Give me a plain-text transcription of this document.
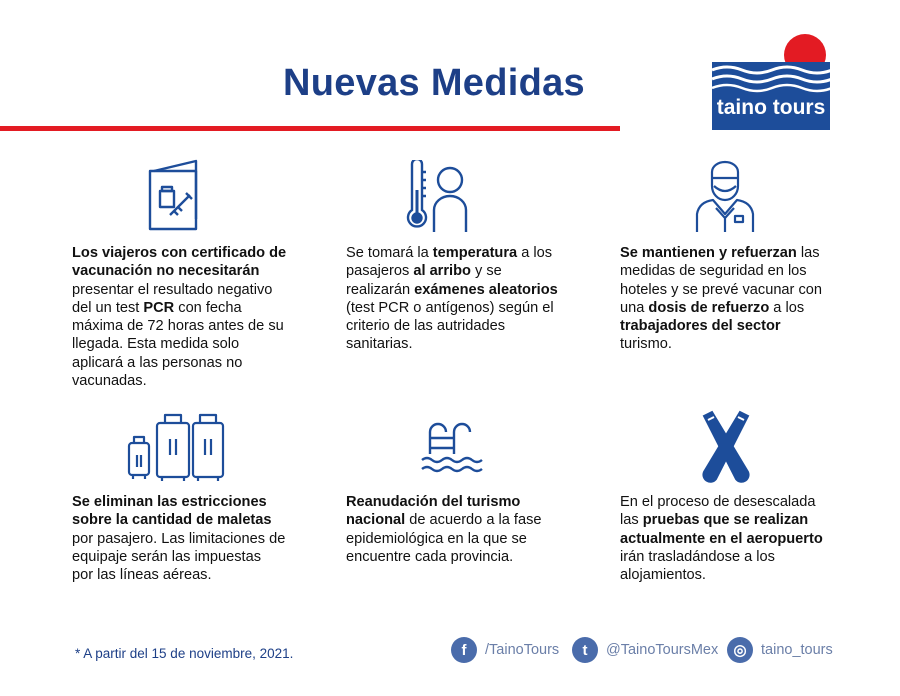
Nuevas Medidas
taino tours
Los viajeros con certificado de vacunación no necesitarán presentar el resultado negativo del un test PCR con fecha máxima de 72 horas antes de su llegada. Esta medida solo aplicará a las personas no vacunadas.
Se tomará la temperatura a los pasajeros al arribo y se realizarán exámenes aleatorios (test PCR o antígenos) según el criterio de las autridades sanitarias.
Se mantienen y refuerzan las medidas de seguridad en los hoteles y se prevé vacunar con una dosis de refuerzo a los trabajadores del sector turismo.
Se eliminan las estricciones sobre la cantidad de maletas por pasajero. Las limitaciones de equipaje serán las impuestas por las líneas aéreas.
Reanudación del turismo nacional de acuerdo a la fase epidemiológica en la que se encuentre cada provincia.
En el proceso de desescalada las pruebas que se realizan actualmente en el aeropuerto irán trasladándose a los alojamientos.
* A partir del 15 de noviembre, 2021.	f	/TainoTours	t	@TainoToursMex	◎ taino_tours
